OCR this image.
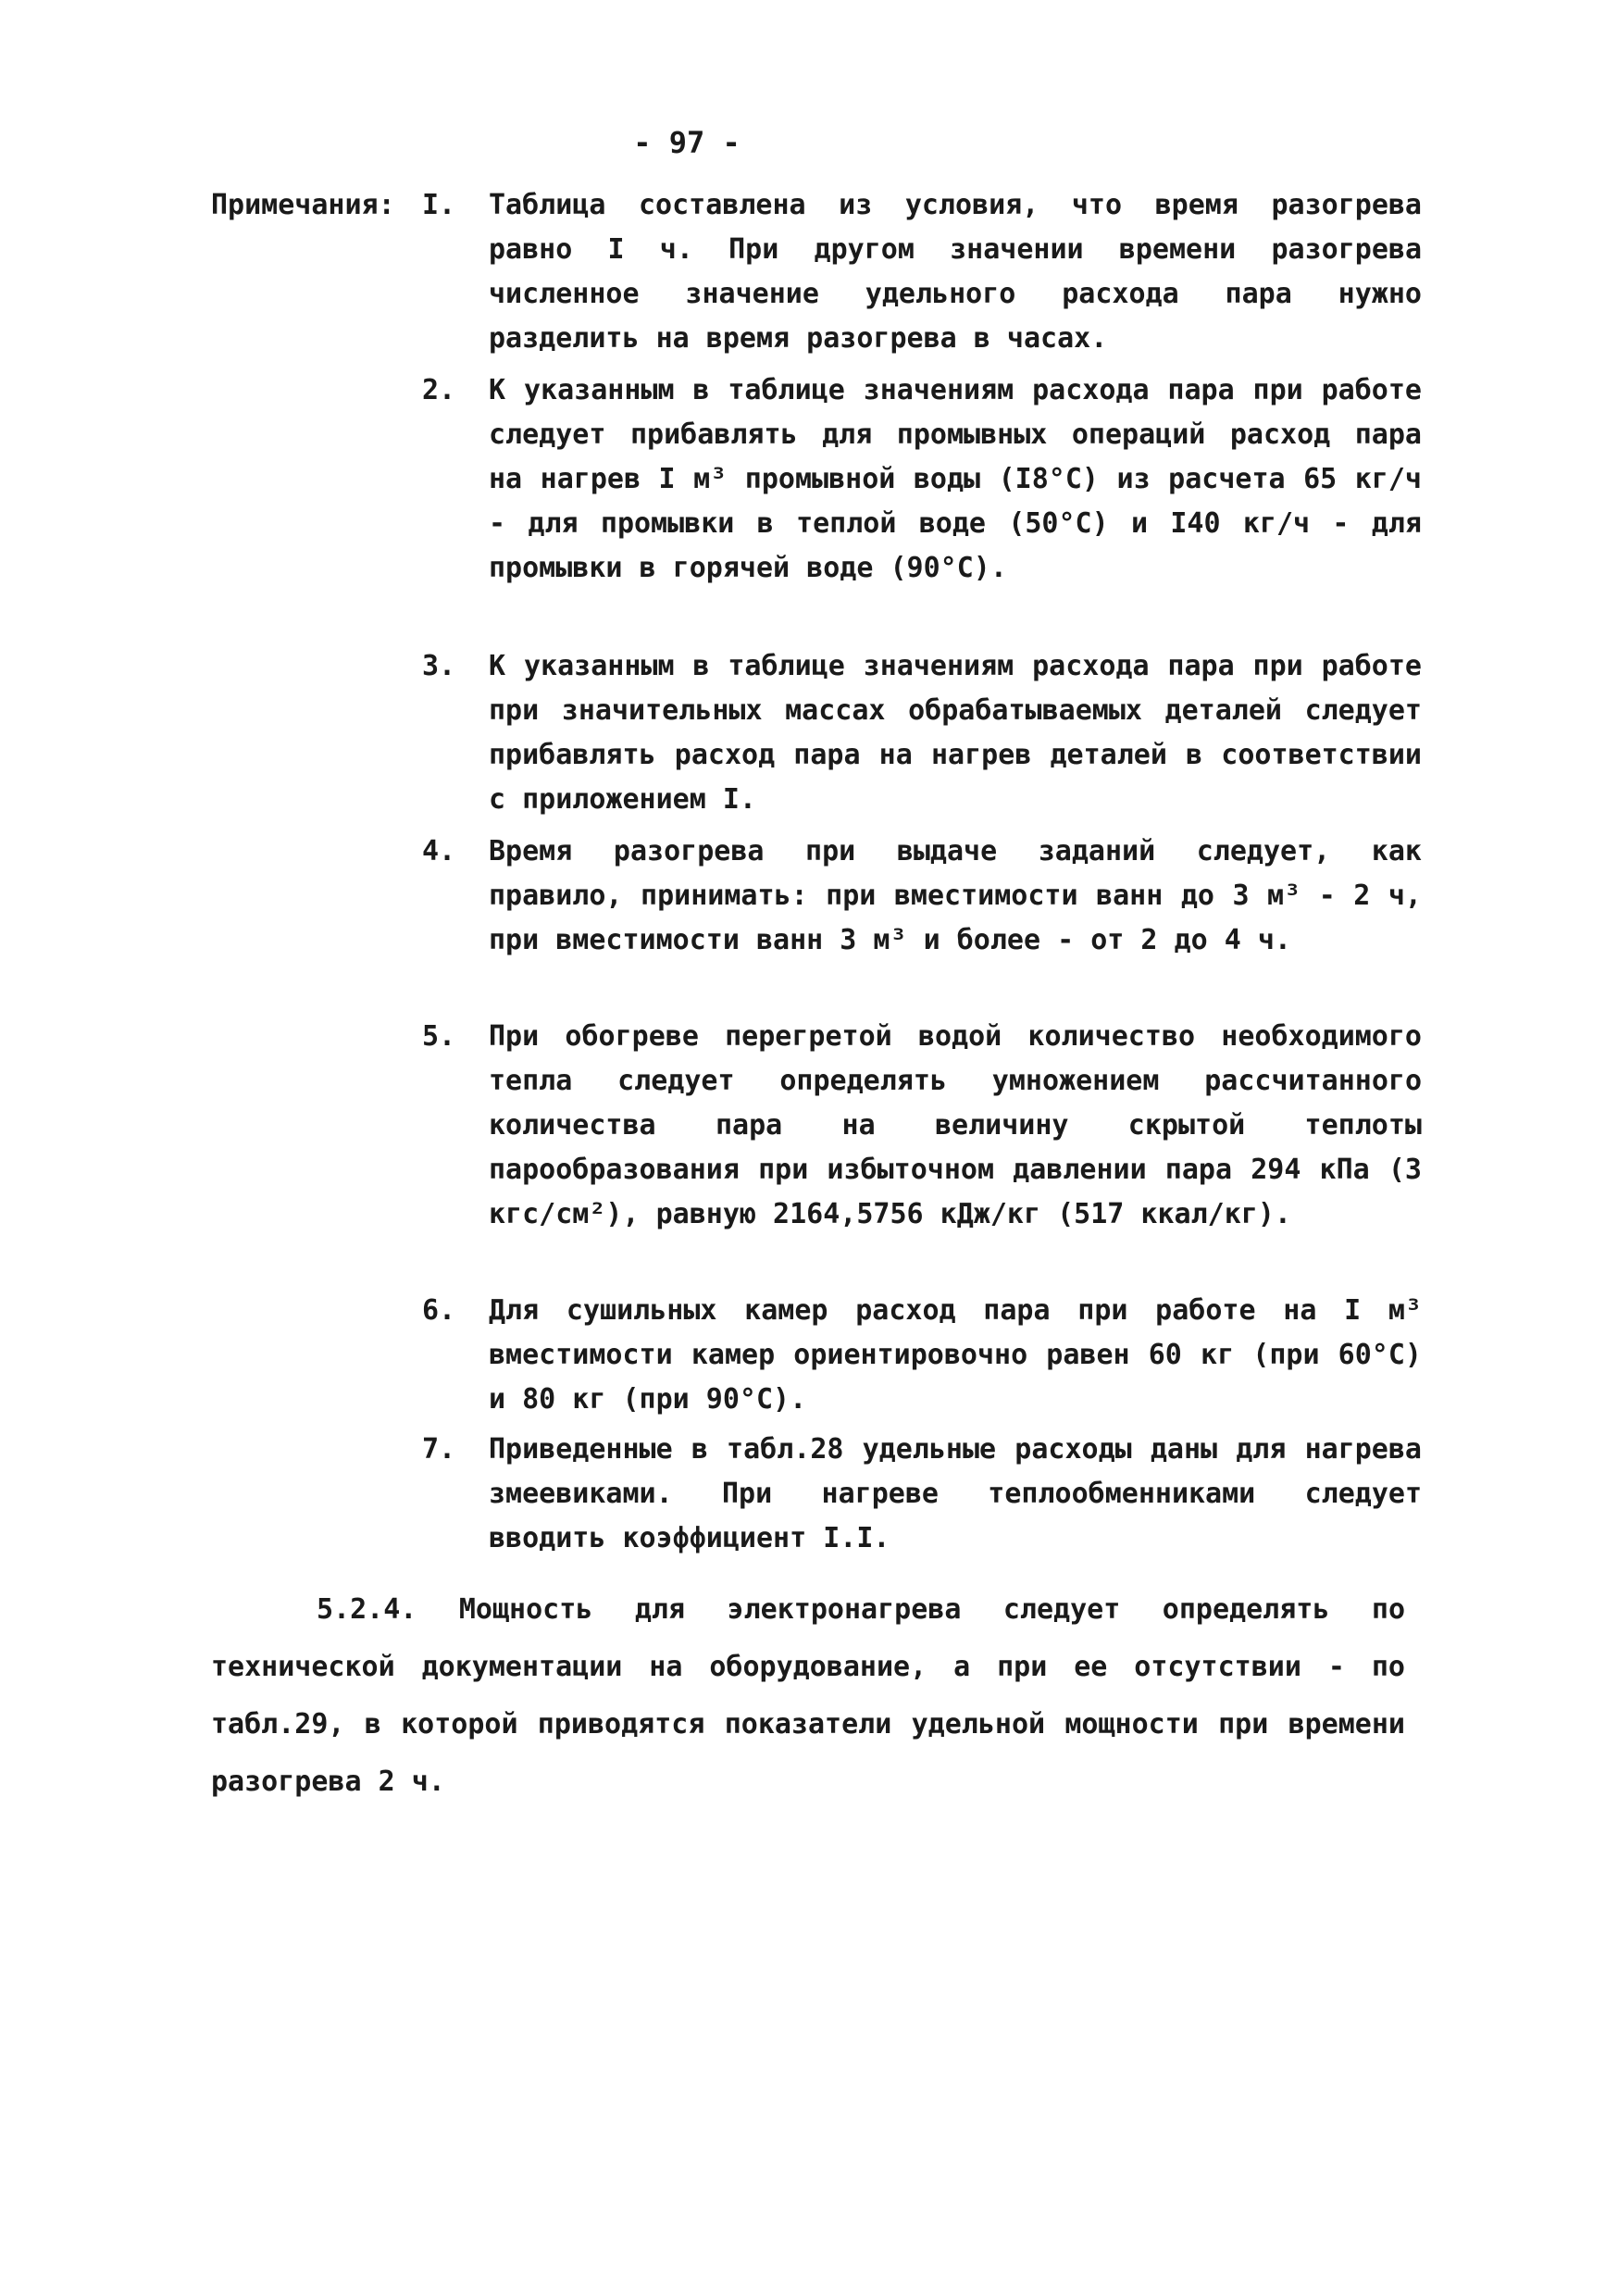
- 97 -
Примечания: I.	Таблица составлена из условия, что время разогрева равно I ч. При другом значении времени разогрева численное значение удельного расхода пара нужно разделить на время разогрева в часах.
2.	К указанным в таблице значениям расхода пара при работе следует прибавлять для промывных операций расход пара на нагрев I м³ промывной воды (I8°C) из расчета 65 кг/ч - для промывки в теплой воде (50°C) и I40 кг/ч - для промывки в горячей воде (90°C).
3.	К указанным в таблице значениям расхода пара при работе при значительных массах обрабатываемых деталей следует прибавлять расход пара на нагрев деталей в соответствии с приложением I.
4.	Время разогрева при выдаче заданий следует, как правило, принимать: при вместимости ванн до 3 м³ - 2 ч, при вместимости ванн 3 м³ и более - от 2 до 4 ч.
5.	При обогреве перегретой водой количество необходимого тепла следует определять умножением рассчитанного количества пара на величину скрытой теплоты парообразования при избыточном давлении пара 294 кПа (3 кгс/см²), равную 2164,5756 кДж/кг (517 ккал/кг).
6.	Для сушильных камер расход пара при работе на I м³ вместимости камер ориентировочно равен 60 кг (при 60°C) и 80 кг (при 90°C).
7.	Приведенные в табл.28 удельные расходы даны для нагрева змеевиками. При нагреве теплообменниками следует вводить коэффициент I.I.
5.2.4. Мощность для электронагрева следует определять по технической документации на оборудование, а при ее отсутствии - по табл.29, в которой приводятся показатели удельной мощности при времени разогрева 2 ч.
